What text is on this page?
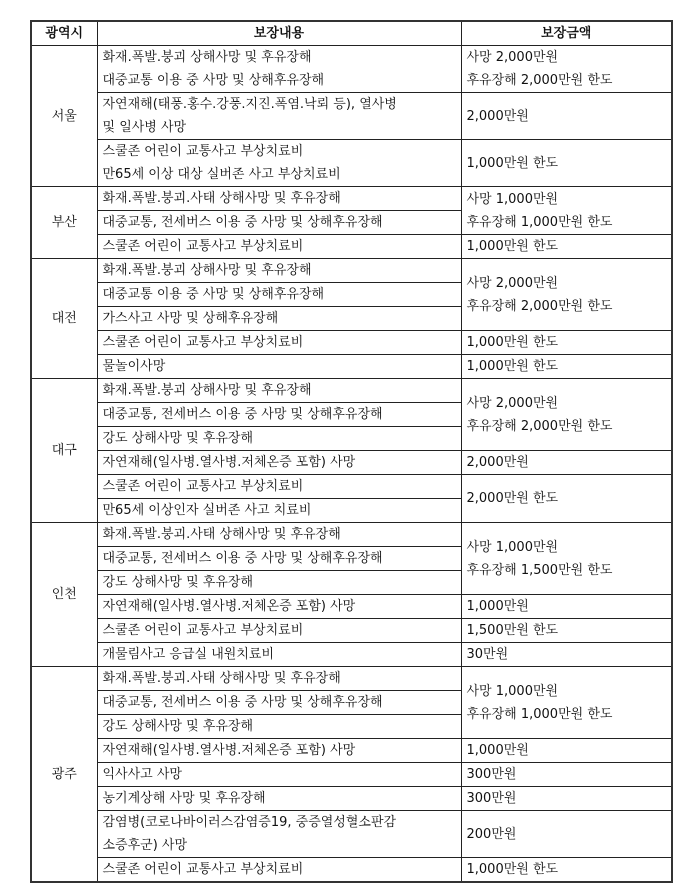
광역시	보장내용	보장금액
서울	화재.폭발.붕괴 상해사망 및 후유장해
대중교통 이용 중 사망 및 상해후유장해	사망 2,000만원
후유장해 2,000만원 한도
	자연재해(태풍.홍수.강풍.지진.폭염.낙뢰 등), 열사병
및 일사병 사망	2,000만원
	스쿨존 어린이 교통사고 부상치료비
만65세 이상 대상 실버존 사고 부상치료비	1,000만원 한도
부산	화재.폭발.붕괴.사태 상해사망 및 후유장해	사망 1,000만원
후유장해 1,000만원 한도
	대중교통, 전세버스 이용 중 사망 및 상해후유장해	
	스쿨존 어린이 교통사고 부상치료비	1,000만원 한도
대전	화재.폭발.붕괴 상해사망 및 후유장해	사망 2,000만원
후유장해 2,000만원 한도
	대중교통 이용 중 사망 및 상해후유장해	
	가스사고 사망 및 상해후유장해	
	스쿨존 어린이 교통사고 부상치료비	1,000만원 한도
	물놀이사망	1,000만원 한도
대구	화재.폭발.붕괴 상해사망 및 후유장해	사망 2,000만원
후유장해 2,000만원 한도
	대중교통, 전세버스 이용 중 사망 및 상해후유장해	
	강도 상해사망 및 후유장해	
	자연재해(일사병.열사병.저체온증 포함) 사망	2,000만원
	스쿨존 어린이 교통사고 부상치료비	2,000만원 한도
	만65세 이상인자 실버존 사고 치료비	
인천	화재.폭발.붕괴.사태 상해사망 및 후유장해	사망 1,000만원
후유장해 1,500만원 한도
	대중교통, 전세버스 이용 중 사망 및 상해후유장해	
	강도 상해사망 및 후유장해	
	자연재해(일사병.열사병.저체온증 포함) 사망	1,000만원
	스쿨존 어린이 교통사고 부상치료비	1,500만원 한도
	개물림사고 응급실 내원치료비	30만원
광주	화재.폭발.붕괴.사태 상해사망 및 후유장해	사망 1,000만원
후유장해 1,000만원 한도
	대중교통, 전세버스 이용 중 사망 및 상해후유장해	
	강도 상해사망 및 후유장해	
	자연재해(일사병.열사병.저체온증 포함) 사망	1,000만원
	익사사고 사망	300만원
	농기계상해 사망 및 후유장해	300만원
	감염병(코로나바이러스감염증19, 중증열성혈소판감
소증후군) 사망	200만원
	스쿨존 어린이 교통사고 부상치료비	1,000만원 한도
